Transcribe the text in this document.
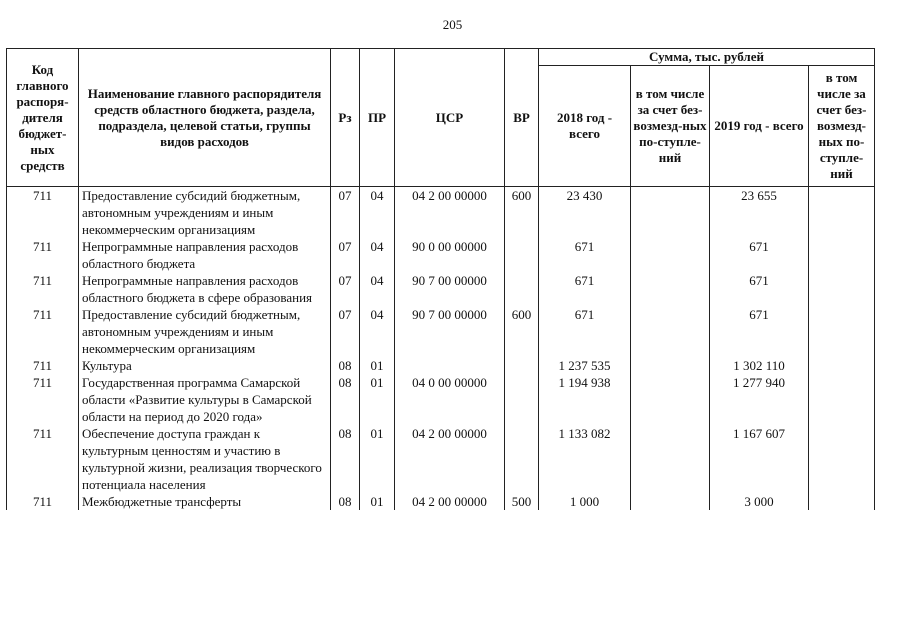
205
Код главного распоря-дителя бюджет-ных средств	Наименование главного распорядителя средств областного бюджета, раздела, подраздела, целевой статьи, группы видов расходов	Рз	ПР	ЦСР	ВР	Сумма, тыс. рублей			
						2018 год - всего	в том числе за счет без-возмезд-ных по-ступле-ний	2019 год - всего	в том числе за счет без-возмезд-ных по-ступле-ний
711	Предоставление субсидий бюджетным, автономным учреждениям и иным некоммерческим организациям	07	04	04 2 00 00000	600	23 430		23 655	
711	Непрограммные направления расходов областного бюджета	07	04	90 0 00 00000		671		671	
711	Непрограммные направления расходов областного бюджета в сфере образования	07	04	90 7 00 00000		671		671	
711	Предоставление субсидий бюджетным, автономным учреждениям и иным некоммерческим организациям	07	04	90 7 00 00000	600	671		671	
711	Культура	08	01			1 237 535		1 302 110	
711	Государственная программа Самарской области «Развитие культуры в Самарской области на период до 2020 года»	08	01	04 0 00 00000		1 194 938		1 277 940	
711	Обеспечение доступа граждан к культурным ценностям и участию в культурной жизни, реализация творческого потенциала населения	08	01	04 2 00 00000		1 133 082		1 167 607	
711	Межбюджетные трансферты	08	01	04 2 00 00000	500	1 000		3 000	
